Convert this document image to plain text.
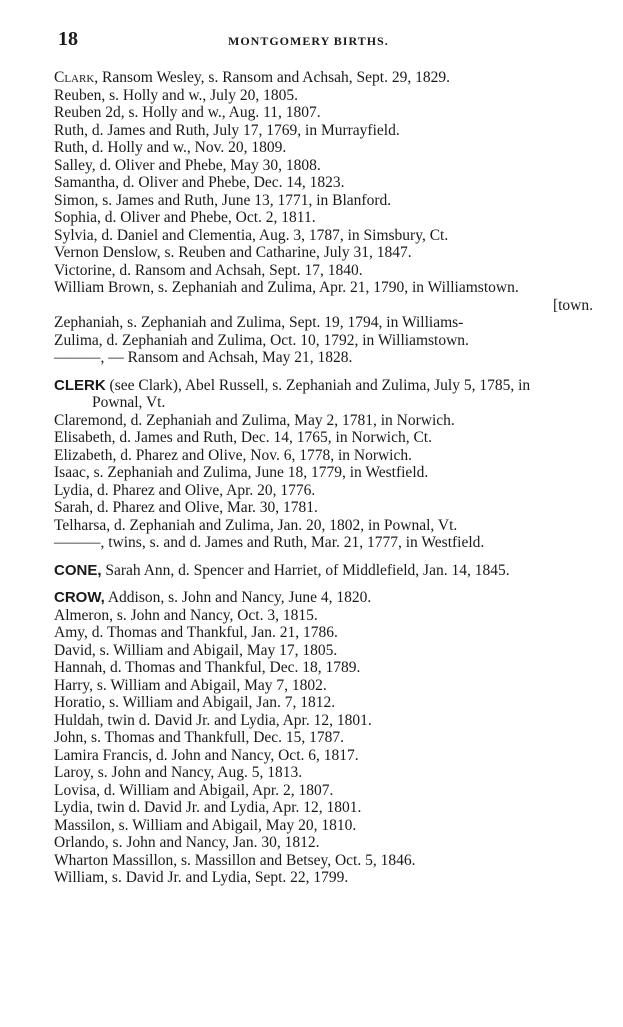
18	MONTGOMERY BIRTHS.
Clark, Ransom Wesley, s. Ransom and Achsah, Sept. 29, 1829.
Reuben, s. Holly and w., July 20, 1805.
Reuben 2d, s. Holly and w., Aug. 11, 1807.
Ruth, d. James and Ruth, July 17, 1769, in Murrayfield.
Ruth, d. Holly and w., Nov. 20, 1809.
Salley, d. Oliver and Phebe, May 30, 1808.
Samantha, d. Oliver and Phebe, Dec. 14, 1823.
Simon, s. James and Ruth, June 13, 1771, in Blanford.
Sophia, d. Oliver and Phebe, Oct. 2, 1811.
Sylvia, d. Daniel and Clementia, Aug. 3, 1787, in Simsbury, Ct.
Vernon Denslow, s. Reuben and Catharine, July 31, 1847.
Victorine, d. Ransom and Achsah, Sept. 17, 1840.
William Brown, s. Zephaniah and Zulima, Apr. 21, 1790, in Williamstown.
[town.
Zephaniah, s. Zephaniah and Zulima, Sept. 19, 1794, in Williams-
Zulima, d. Zephaniah and Zulima, Oct. 10, 1792, in Williamstown.
———, — Ransom and Achsah, May 21, 1828.
CLERK (see Clark), Abel Russell, s. Zephaniah and Zulima, July 5, 1785, in Pownal, Vt.
Claremond, d. Zephaniah and Zulima, May 2, 1781, in Norwich.
Elisabeth, d. James and Ruth, Dec. 14, 1765, in Norwich, Ct.
Elizabeth, d. Pharez and Olive, Nov. 6, 1778, in Norwich.
Isaac, s. Zephaniah and Zulima, June 18, 1779, in Westfield.
Lydia, d. Pharez and Olive, Apr. 20, 1776.
Sarah, d. Pharez and Olive, Mar. 30, 1781.
Telharsa, d. Zephaniah and Zulima, Jan. 20, 1802, in Pownal, Vt.
———, twins, s. and d. James and Ruth, Mar. 21, 1777, in Westfield.
CONE, Sarah Ann, d. Spencer and Harriet, of Middlefield, Jan. 14, 1845.
CROW, Addison, s. John and Nancy, June 4, 1820.
Almeron, s. John and Nancy, Oct. 3, 1815.
Amy, d. Thomas and Thankful, Jan. 21, 1786.
David, s. William and Abigail, May 17, 1805.
Hannah, d. Thomas and Thankful, Dec. 18, 1789.
Harry, s. William and Abigail, May 7, 1802.
Horatio, s. William and Abigail, Jan. 7, 1812.
Huldah, twin d. David Jr. and Lydia, Apr. 12, 1801.
John, s. Thomas and Thankfull, Dec. 15, 1787.
Lamira Francis, d. John and Nancy, Oct. 6, 1817.
Laroy, s. John and Nancy, Aug. 5, 1813.
Lovisa, d. William and Abigail, Apr. 2, 1807.
Lydia, twin d. David Jr. and Lydia, Apr. 12, 1801.
Massilon, s. William and Abigail, May 20, 1810.
Orlando, s. John and Nancy, Jan. 30, 1812.
Wharton Massillon, s. Massillon and Betsey, Oct. 5, 1846.
William, s. David Jr. and Lydia, Sept. 22, 1799.
